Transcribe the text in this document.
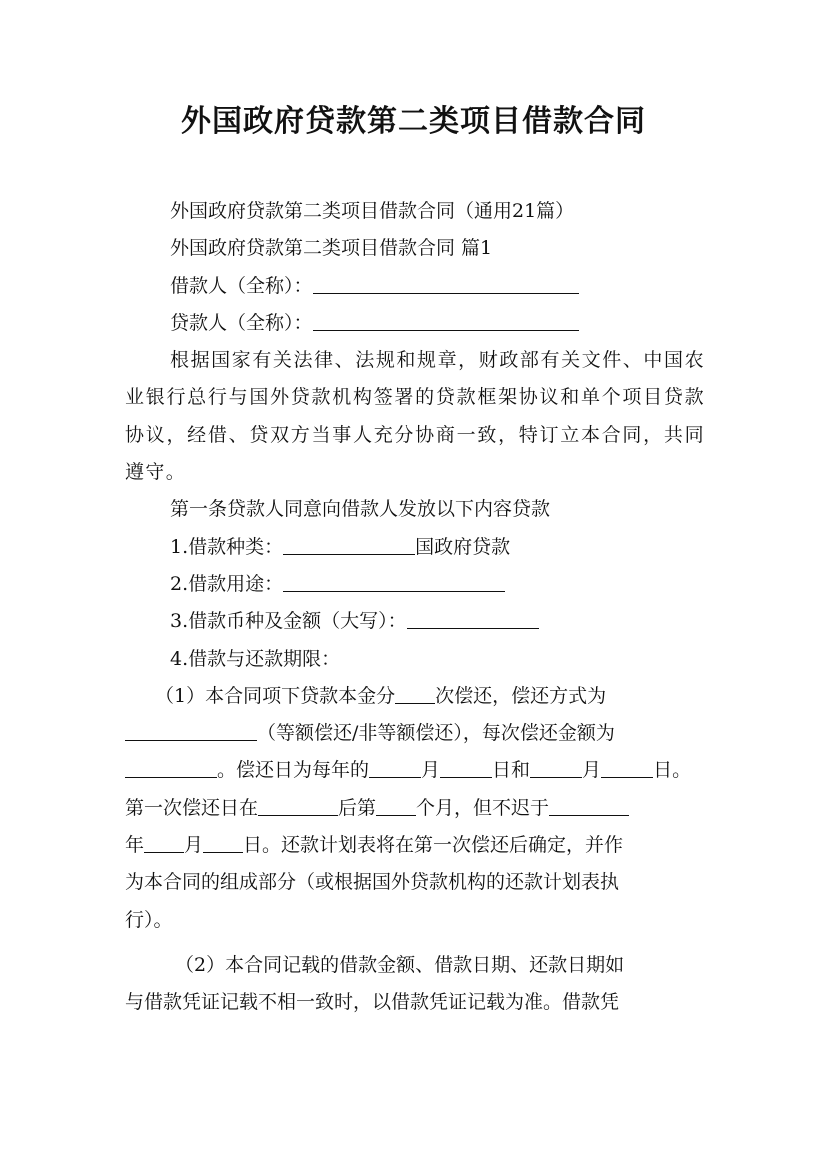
外国政府贷款第二类项目借款合同

外国政府贷款第二类项目借款合同（通用21篇）

外国政府贷款第二类项目借款合同 篇1

借款人（全称）：

贷款人（全称）：

根据国家有关法律、法规和规章，财政部有关文件、中国农业银行总行与国外贷款机构签署的贷款框架协议和单个项目贷款协议，经借、贷双方当事人充分协商一致，特订立本合同，共同遵守。

第一条贷款人同意向借款人发放以下内容贷款

1.借款种类：	国政府贷款

2.借款用途：

3.借款币种及金额（大写）：

4.借款与还款期限：

（1）本合同项下贷款本金分 次偿还，偿还方式为

（等额偿还/非等额偿还），每次偿还金额为

。偿还日为每年的	月	日和	月	日。

第一次偿还日在	后第 个月，但不迟于

年 月 日。还款计划表将在第一次偿还后确定，并作

为本合同的组成部分（或根据国外贷款机构的还款计划表执

行）。

（2）本合同记载的借款金额、借款日期、还款日期如

与借款凭证记载不相一致时，以借款凭证记载为准。借款凭
